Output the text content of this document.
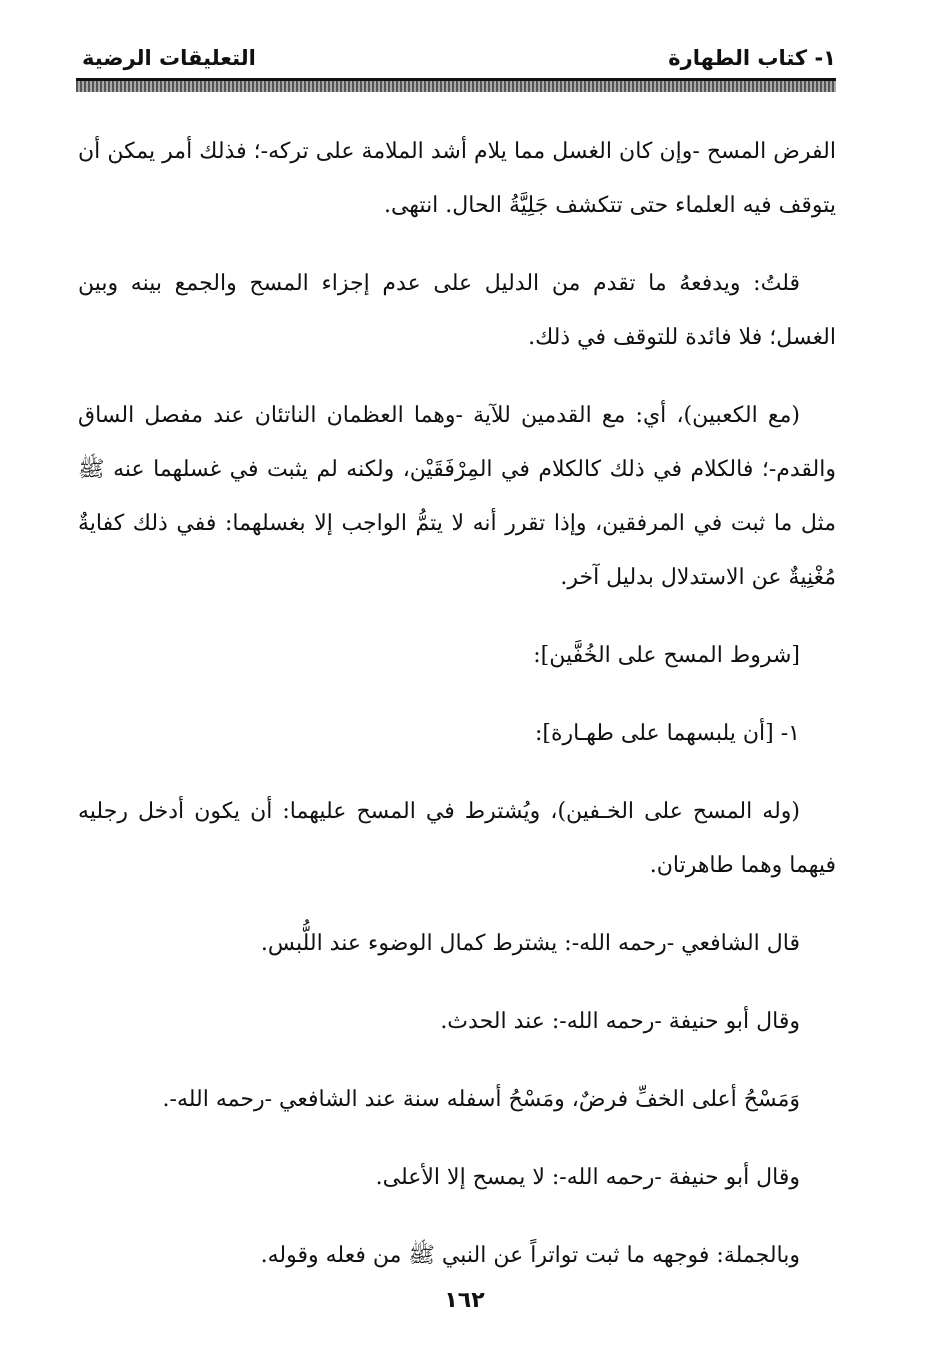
١- كتاب الطهارة
التعليقات الرضية

الفرض المسح -وإن كان الغسل مما يلام أشد الملامة على تركه-؛ فذلك أمر يمكن أن يتوقف فيه العلماء حتى تتكشف جَلِيَّةُ الحال. انتهى.

قلتُ: ويدفعهُ ما تقدم من الدليل على عدم إجزاء المسح والجمع بينه وبين الغسل؛ فلا فائدة للتوقف في ذلك.

(مع الكعبين)، أي: مع القدمين للآية -وهما العظمان الناتئان عند مفصل الساق والقدم-؛ فالكلام في ذلك كالكلام في المِرْفَقَيْن، ولكنه لم يثبت في غسلهما عنه ﷺ مثل ما ثبت في المرفقين، وإذا تقرر أنه لا يتمُّ الواجب إلا بغسلهما: ففي ذلك كفايةٌ مُغْنِيةٌ عن الاستدلال بدليل آخر.

[شروط المسح على الخُفَّين]:

١- [أن يلبسهما على طهـارة]:

(وله المسح على الخـفين)، ويُشترط في المسح عليهما: أن يكون أدخل رجليه فيهما وهما طاهرتان.

قال الشافعي -رحمه الله-: يشترط كمال الوضوء عند اللُّبس.

وقال أبو حنيفة -رحمه الله-: عند الحدث.

وَمَسْحُ أعلى الخفِّ فرضٌ، ومَسْحُ أسفله سنة عند الشافعي -رحمه الله-.

وقال أبو حنيفة -رحمه الله-: لا يمسح إلا الأعلى.

وبالجملة: فوجهه ما ثبت تواتراً عن النبي ﷺ من فعله وقوله.

١٦٢
